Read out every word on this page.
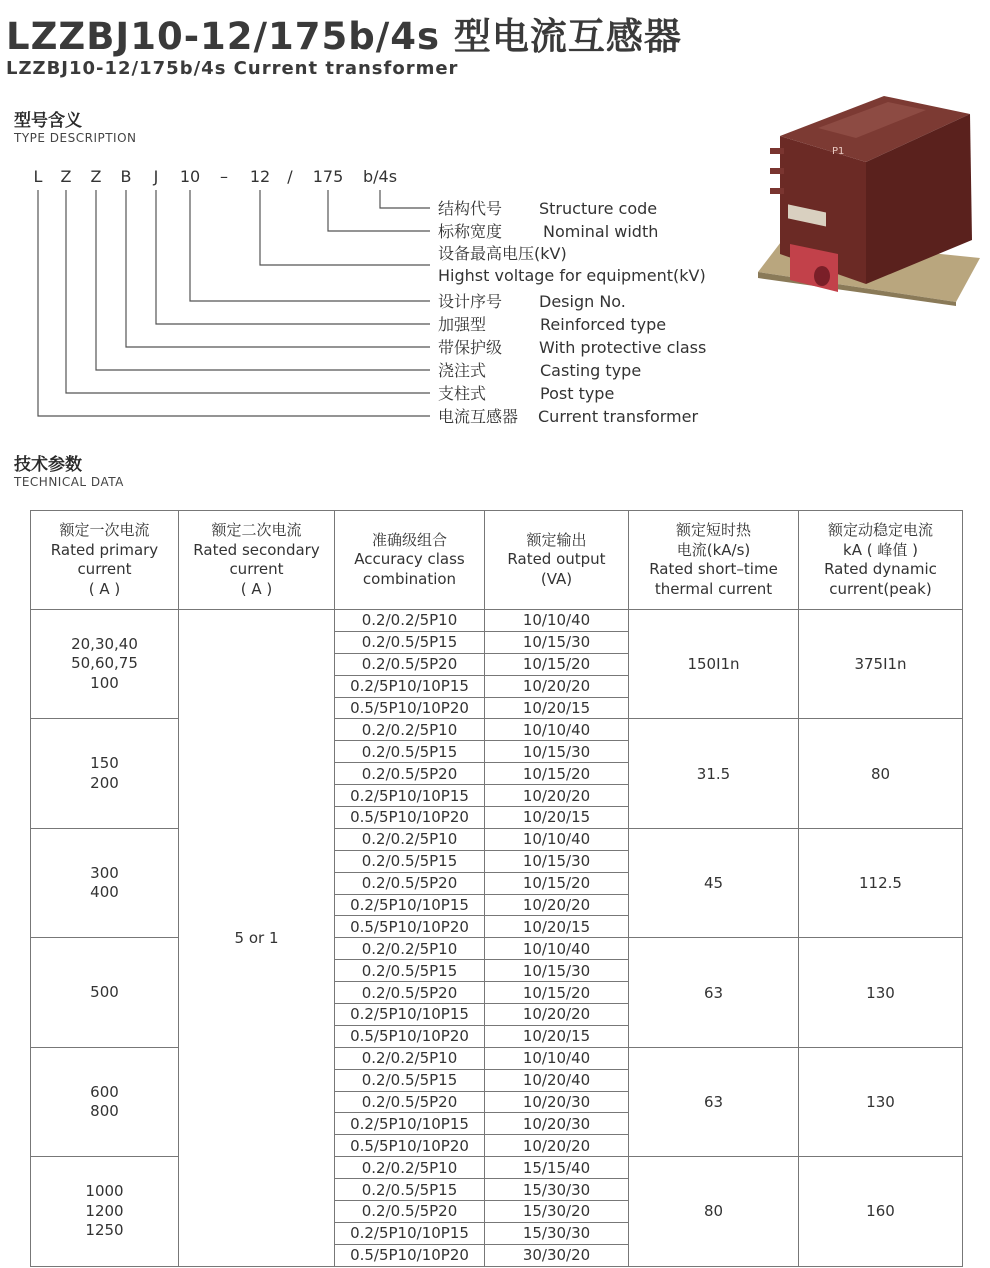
LZZBJ10-12/175b/4s 型电流互感器
LZZBJ10-12/175b/4s Current transformer
型号含义
TYPE DESCRIPTION
L Z Z B J 10 – 12 / 175 b/4s
结构代号 Structure code
标称宽度	Nominal width
设备最高电压(kV)
Highst voltage for equipment(kV)
设计序号 Design No.
加强型	Reinforced type
带保护级 With protective class
浇注式	Casting type
支柱式	Post type
电流互感器 Current transformer
P1
技术参数
TECHNICAL DATA
额定一次电流
Rated primary
current
( A )	额定二次电流
Rated secondary
current
( A )	准确级组合
Accuracy class
combination	额定输出
Rated output
(VA)	额定短时热
电流(kA/s)
Rated short–time
thermal current	额定动稳定电流
kA ( 峰值 )
Rated dynamic
current(peak)

20,30,40
50,60,75
100	5 or 1	0.2/0.2/5P10	10/10/40	150I1n	375I1n
		0.2/0.5/5P15	10/15/30		
		0.2/0.5/5P20	10/15/20		
		0.2/5P10/10P15	10/20/20		
		0.5/5P10/10P20	10/20/15		

150
200		0.2/0.2/5P10	10/10/40	31.5	80
		0.2/0.5/5P15	10/15/30		
		0.2/0.5/5P20	10/15/20		
		0.2/5P10/10P15	10/20/20		
		0.5/5P10/10P20	10/20/15		

300
400		0.2/0.2/5P10	10/10/40	45	112.5
		0.2/0.5/5P15	10/15/30		
		0.2/0.5/5P20	10/15/20		
		0.2/5P10/10P15	10/20/20		
		0.5/5P10/10P20	10/20/15		

500		0.2/0.2/5P10	10/10/40	63	130
		0.2/0.5/5P15	10/15/30		
		0.2/0.5/5P20	10/15/20		
		0.2/5P10/10P15	10/20/20		
		0.5/5P10/10P20	10/20/15		

600
800		0.2/0.2/5P10	10/10/40	63	130
		0.2/0.5/5P15	10/20/40		
		0.2/0.5/5P20	10/20/30		
		0.2/5P10/10P15	10/20/30		
		0.5/5P10/10P20	10/20/20		

1000
1200
1250		0.2/0.2/5P10	15/15/40	80	160
		0.2/0.5/5P15	15/30/30		
		0.2/0.5/5P20	15/30/20		
		0.2/5P10/10P15	15/30/30		
		0.5/5P10/10P20	30/30/20		
